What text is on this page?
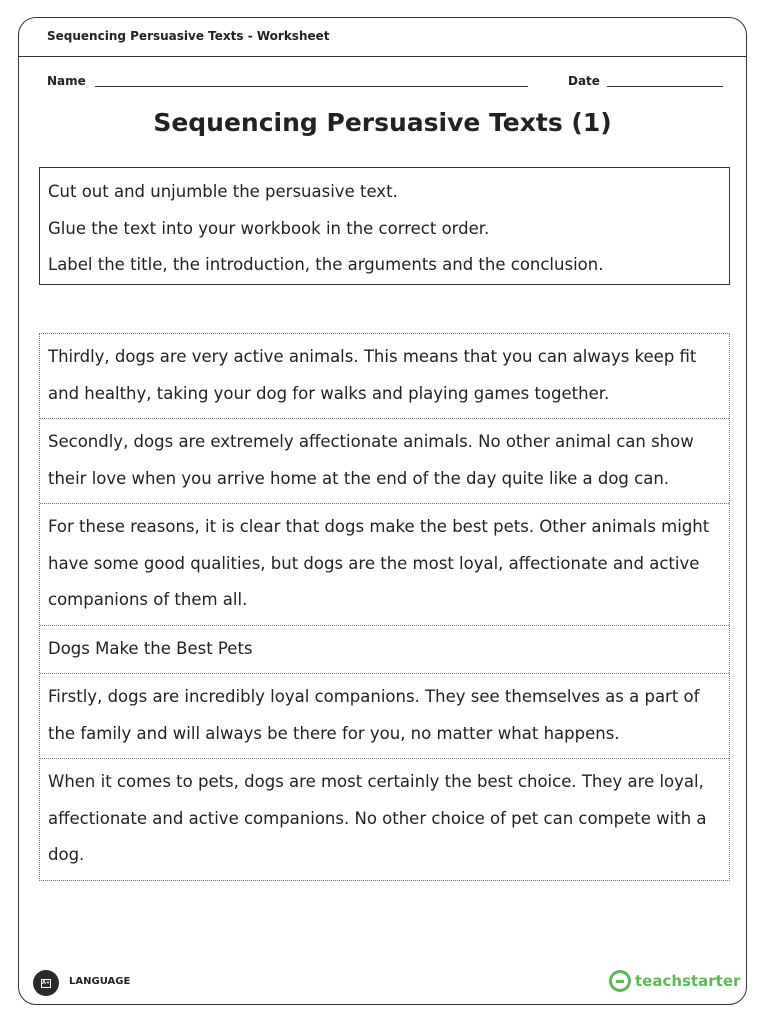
Sequencing Persuasive Texts - Worksheet
Name	Date
Sequencing Persuasive Texts (1)

Cut out and unjumble the persuasive text.

Glue the text into your workbook in the correct order.

Label the title, the introduction, the arguments and the conclusion.

Thirdly, dogs are very active animals. This means that you can always keep fit

and healthy, taking your dog for walks and playing games together.

Secondly, dogs are extremely affectionate animals. No other animal can show

their love when you arrive home at the end of the day quite like a dog can.

For these reasons, it is clear that dogs make the best pets. Other animals might

have some good qualities, but dogs are the most loyal, affectionate and active

companions of them all.

Dogs Make the Best Pets

Firstly, dogs are incredibly loyal companions. They see themselves as a part of

the family and will always be there for you, no matter what happens.

When it comes to pets, dogs are most certainly the best choice. They are loyal,

affectionate and active companions. No other choice of pet can compete with a

dog.

A+ LANGUAGE	teachstarter
